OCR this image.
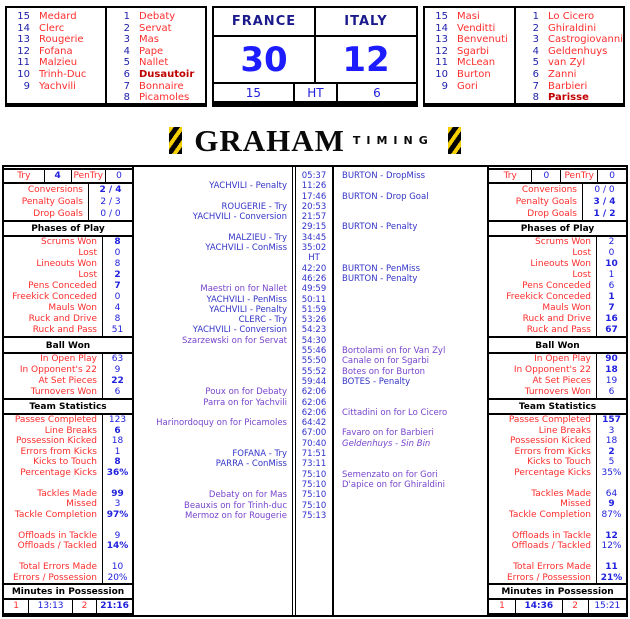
15 Medard
14 Clerc
13 Rougerie
12 Fofana
11 Malzieu
10 Trinh-Duc
9 Yachvili
1 Debaty
2 Servat
3 Mas
4 Pape
5 Nallet
6 Dusautoir
7 Bonnaire
8 Picamoles
FRANCE	ITALY
30	12
15	HT	6
15 Masi
14 Venditti
13 Benvenuti
12 Sgarbi
11 McLean
10 Burton
9 Gori
1 Lo Cicero
2 Ghiraldini
3 Castrogiovanni
4 Geldenhuys
5 van Zyl
6 Zanni
7 Barbieri
8 Parisse
GRAHAM TIMING
Try	4	PenTry	0
Conversions	2 / 4
Penalty Goals	2 / 3
Drop Goals	0 / 0
Phases of Play
Scrums Won	8
Lost	0
Lineouts Won	8
Lost	2
Pens Conceded	7
Freekick Conceded	0
Mauls Won	4
Ruck and Drive	8
Ruck and Pass	51
Ball Won
In Open Play	63
In Opponent's 22	9
At Set Pieces	22
Turnovers Won	6
Team Statistics
Passes Completed	123
Line Breaks	6
Possession Kicked	18
Errors from Kicks	1
Kicks to Touch	8
Percentage Kicks	36%
Tackles Made	99
Missed	3
Tackle Completion	97%
Offloads in Tackle	9
Offloads / Tackled	14%
Total Errors Made	10
Errors / Possession	20%
Minutes in Possession
1	13:13	2	21:16
05:37	BURTON - DropMiss
YACHVILI - Penalty	11:26
17:46	BURTON - Drop Goal
ROUGERIE - Try	20:53
YACHVILI - Conversion	21:57
29:15	BURTON - Penalty
MALZIEU - Try	34:45
YACHVILI - ConMiss	35:02
HT
42:20	BURTON - PenMiss
46:26	BURTON - Penalty
Maestri on for Nallet	49:59
YACHVILI - PenMiss	50:11
YACHVILI - Penalty	51:59
CLERC - Try	53:26
YACHVILI - Conversion	54:23
Szarzewski on for Servat	54:30
55:46	Bortolami on for Van Zyl
55:50	Canale on for Sgarbi
55:52	Botes on for Burton
59:44	BOTES - Penalty
Poux on for Debaty	62:06
Parra on for Yachvili	62:06
62:06	Cittadini on for Lo Cicero
Harinordoquy on for Picamoles	64:42
67:00	Favaro on for Barbieri
70:40	Geldenhuys - Sin Bin
FOFANA - Try	71:51
PARRA - ConMiss	73:11
75:10	Semenzato on for Gori
75:10	D'apice on for Ghiraldini
Debaty on for Mas	75:10
Beauxis on for Trinh-duc	75:10
Mermoz on for Rougerie	75:13
Try	0	PenTry	0
Conversions	0 / 0
Penalty Goals	3 / 4
Drop Goals	1 / 2
Phases of Play
Scrums Won	2
Lost	0
Lineouts Won	10
Lost	1
Pens Conceded	6
Freekick Conceded	1
Mauls Won	7
Ruck and Drive	16
Ruck and Pass	67
Ball Won
In Open Play	90
In Opponent's 22	18
At Set Pieces	19
Turnovers Won	6
Team Statistics
Passes Completed	157
Line Breaks	3
Possession Kicked	18
Errors from Kicks	2
Kicks to Touch	5
Percentage Kicks	35%
Tackles Made	64
Missed	9
Tackle Completion	87%
Offloads in Tackle	12
Offloads / Tackled	12%
Total Errors Made	11
Errors / Possession	21%
Minutes in Possession
1	14:36	2	15:21
